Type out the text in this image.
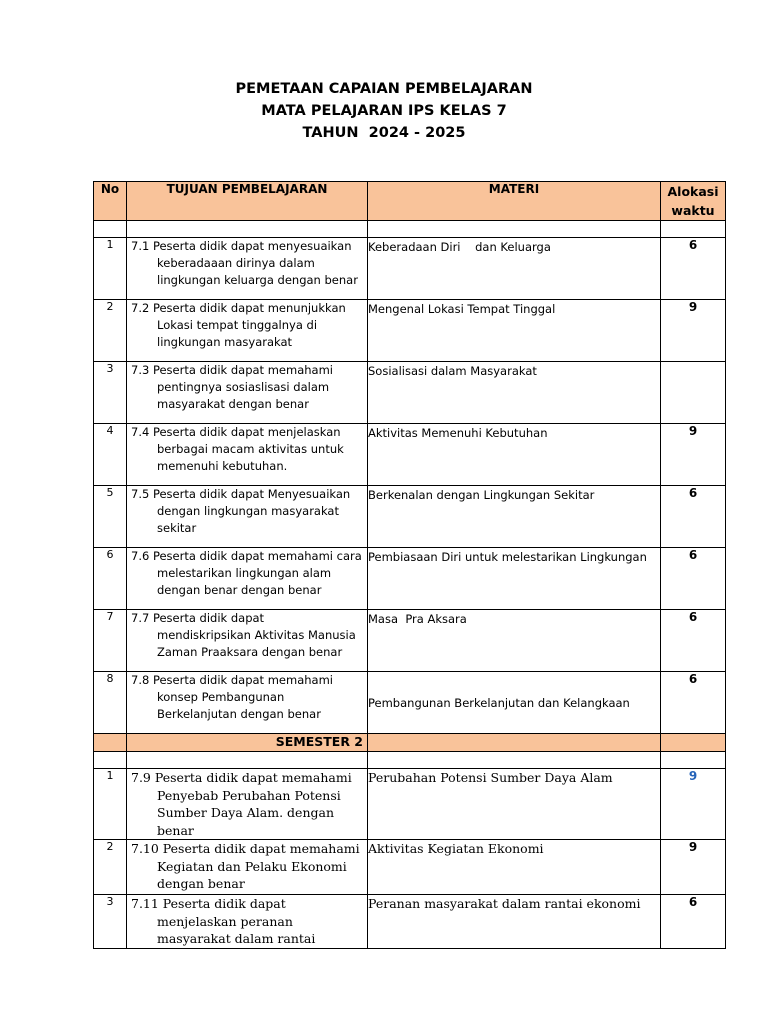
PEMETAAN CAPAIAN PEMBELAJARAN
MATA PELAJARAN IPS KELAS 7
TAHUN  2024 - 2025
No	TUJUAN PEMBELAJARAN	MATERI	Alokasi waktu

1	7.1 Peserta didik dapat menyesuaikan
keberadaaan dirinya dalam lingkungan keluarga dengan benar	Keberadaan Diri    dan Keluarga	6
2	7.2 Peserta didik dapat menunjukkan
Lokasi tempat tinggalnya di lingkungan masyarakat	Mengenal Lokasi Tempat Tinggal	9
3	7.3 Peserta didik dapat memahami
pentingnya sosiaslisasi dalam masyarakat dengan benar	Sosialisasi dalam Masyarakat	
4	7.4 Peserta didik dapat menjelaskan
berbagai macam aktivitas untuk memenuhi kebutuhan.	Aktivitas Memenuhi Kebutuhan	9
5	7.5 Peserta didik dapat Menyesuaikan
dengan lingkungan masyarakat sekitar	Berkenalan dengan Lingkungan Sekitar	6
6	7.6 Peserta didik dapat memahami cara
melestarikan lingkungan alam dengan benar dengan benar	Pembiasaan Diri untuk melestarikan Lingkungan	6
7	7.7 Peserta didik dapat
mendiskripsikan Aktivitas Manusia Zaman Praaksara dengan benar	Masa  Pra Aksara	6
8	7.8 Peserta didik dapat memahami
konsep Pembangunan Berkelanjutan dengan benar	Pembangunan Berkelanjutan dan Kelangkaan	6
	SEMESTER 2		

1	7.9 Peserta didik dapat memahami
Penyebab Perubahan Potensi Sumber Daya Alam. dengan benar	Perubahan Potensi Sumber Daya Alam	9
2	7.10 Peserta didik dapat memahami
Kegiatan dan Pelaku Ekonomi dengan benar	Aktivitas Kegiatan Ekonomi	9
3	7.11 Peserta didik dapat
menjelaskan peranan masyarakat dalam rantai	Peranan masyarakat dalam rantai ekonomi	6
